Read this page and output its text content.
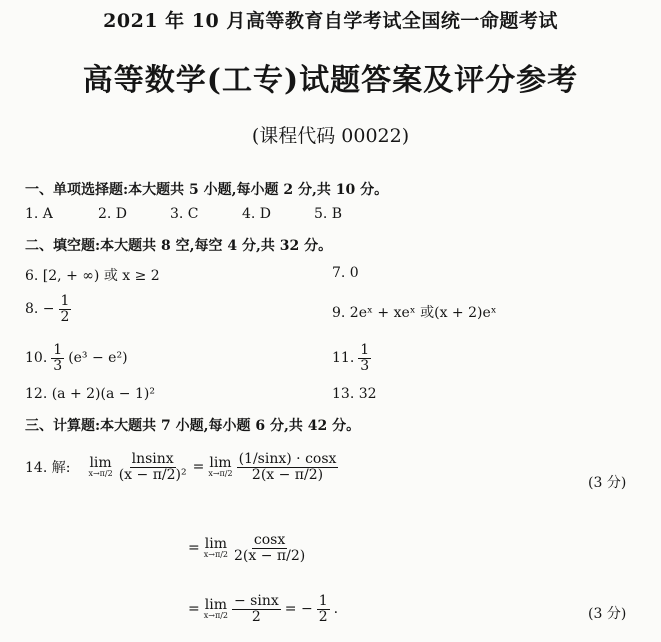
2021 年 10 月高等教育自学考试全国统一命题考试
高等数学(工专)试题答案及评分参考
(课程代码 00022)
一、单项选择题:本大题共 5 小题,每小题 2 分,共 10 分。
1. A	2. D	3. C	4. D	5. B
二、填空题:本大题共 8 空,每空 4 分,共 32 分。
6. [2, + ∞) 或 x ≥ 2	7. 0
8. − $\frac{1}{2}$	9. 2eˣ + xeˣ 或(x + 2)eˣ
10. $\frac{1}{3} (e^3 - e^2)$	11. $\frac{1}{3}$
12. (a + 2)(a − 1)²	13. 32
三、计算题:本大题共 7 小题,每小题 6 分,共 42 分。
14. 解: lim
$x\to\pi/2 \frac{lnsinx}{\text{(x − π/2)²}} = \lim$
$x\to\pi/2 \frac{(1/\sin x) \cdot \cos x}{2(x - \pi/2)}$
(3 分)
= lim
$x\to\pi/2 \frac{\cos x}{2(x - \pi/2)}$
= lim
$x\to\pi/2 \frac{- \sin x}{2}$ = − $\frac{1}{2}$ .	(3 分)
